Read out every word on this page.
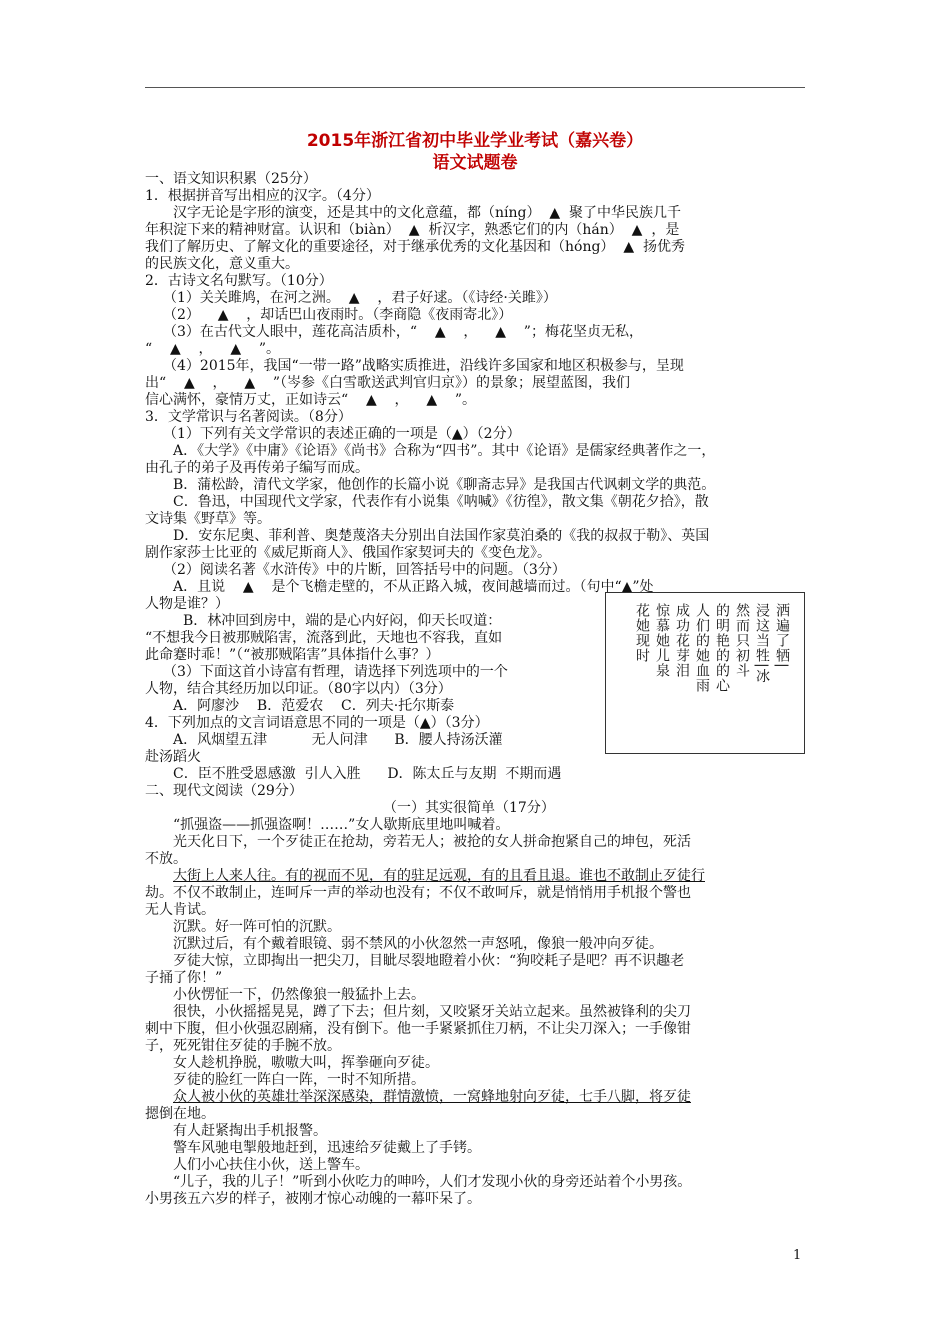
2015年浙江省初中毕业学业考试（嘉兴卷）
语文试题卷
一、语文知识积累（25分）
1．根据拼音写出相应的汉字。（4分）
汉字无论是字形的演变，还是其中的文化意蕴，都（níng）  ▲  聚了中华民族几千
年积淀下来的精神财富。认识和（biàn）  ▲  析汉字，熟悉它们的内（hán）  ▲  ，是
我们了解历史、了解文化的重要途径，对于继承优秀的文化基因和（hóng）  ▲  扬优秀
的民族文化，意义重大。
2．古诗文名句默写。（10分）
（1）关关雎鸠，在河之洲。  ▲    ，君子好逑。（《诗经·关雎》）
（2）    ▲    ，却话巴山夜雨时。（李商隐《夜雨寄北》）
（3）在古代文人眼中，莲花高洁质朴，“    ▲    ，    ▲    ”；梅花坚贞无私，
“    ▲    ，    ▲    ”。
（4）2015年，我国“一带一路”战略实质推进，沿线许多国家和地区积极参与，呈现
出“    ▲    ，    ▲    ”（岑参《白雪歌送武判官归京》）的景象；展望蓝图，我们
信心满怀，豪情万丈，正如诗云“    ▲    ，    ▲    ”。
3．文学常识与名著阅读。（8分）
（1）下列有关文学常识的表述正确的一项是（▲）（2分）
A．《大学》《中庸》《论语》《尚书》合称为“四书”。其中《论语》是儒家经典著作之一，
由孔子的弟子及再传弟子编写而成。
B．蒲松龄，清代文学家，他创作的长篇小说《聊斋志异》是我国古代讽刺文学的典范。
C．鲁迅，中国现代文学家，代表作有小说集《呐喊》《彷徨》，散文集《朝花夕拾》，散
文诗集《野草》等。
D．安东尼奥、菲利普、奥楚蔑洛夫分别出自法国作家莫泊桑的《我的叔叔于勒》、英国
剧作家莎士比亚的《威尼斯商人》、俄国作家契诃夫的《变色龙》。
（2）阅读名著《水浒传》中的片断，回答括号中的问题。（3分）
A．且说    ▲    是个飞檐走壁的，不从正路入城，夜间越墙而过。（句中“▲”处
人物是谁？）
B．林冲回到房中，端的是心内好闷，仰天长叹道：
“不想我今日被那贼陷害，流落到此，天地也不容我，直如
此命蹇时乖！”（“被那贼陷害”具体指什么事？）
（3）下面这首小诗富有哲理，请选择下列选项中的一个
人物，结合其经历加以印证。（80字以内）（3分）
A．阿廖沙    B．范爱农    C．列夫·托尔斯泰
4．下列加点的文言词语意思不同的一项是（▲）（3分）
A．风烟望五津          无人问津      B．腰人持汤沃灌
赴汤蹈火
C．臣不胜受恩感激  引人入胜      D．陈太丘与友期  不期而遇
二、现代文阅读（29分）
（一）其实很简单（17分）
“抓强盗——抓强盗啊！……”女人歇斯底里地叫喊着。
光天化日下，一个歹徒正在抢劫，旁若无人；被抢的女人拼命抱紧自己的坤包，死活
不放。
大街上人来人往。有的视而不见，有的驻足远观，有的且看且退。谁也不敢制止歹徒行
劫。不仅不敢制止，连呵斥一声的举动也没有；不仅不敢呵斥，就是悄悄用手机报个警也
无人肯试。
沉默。好一阵可怕的沉默。
沉默过后，有个戴着眼镜、弱不禁风的小伙忽然一声怒吼，像狼一般冲向歹徒。
歹徒大惊，立即掏出一把尖刀，目眦尽裂地瞪着小伙：“狗咬耗子是吧？再不识趣老
子捅了你！”
小伙愣怔一下，仍然像狼一般猛扑上去。
很快，小伙摇摇晃晃，蹲了下去；但片刻，又咬紧牙关站立起来。虽然被锋利的尖刀
刺中下腹，但小伙强忍剧痛，没有倒下。他一手紧紧抓住刀柄，不让尖刀深入；一手像钳
子，死死钳住歹徒的手腕不放。
女人趁机挣脱，嗷嗷大叫，挥拳砸向歹徒。
歹徒的脸红一阵白一阵，一时不知所措。
众人被小伙的英雄壮举深深感染，群情激愤，一窝蜂地射向歹徒，七手八脚，将歹徒
摁倒在地。
有人赶紧掏出手机报警。
警车风驰电掣般地赶到，迅速给歹徒戴上了手铐。
人们小心扶住小伙，送上警车。
“儿子，我的儿子！”听到小伙吃力的呻吟，人们才发现小伙的身旁还站着个小男孩。
小男孩五六岁的样子，被刚才惊心动魄的一幕吓呆了。
洒遍了牺|
浸这当牲|冰
然而只初斗
的明艳的的心
人们的她血雨
成功花芽泪
惊慕她儿泉
花她现时
1
